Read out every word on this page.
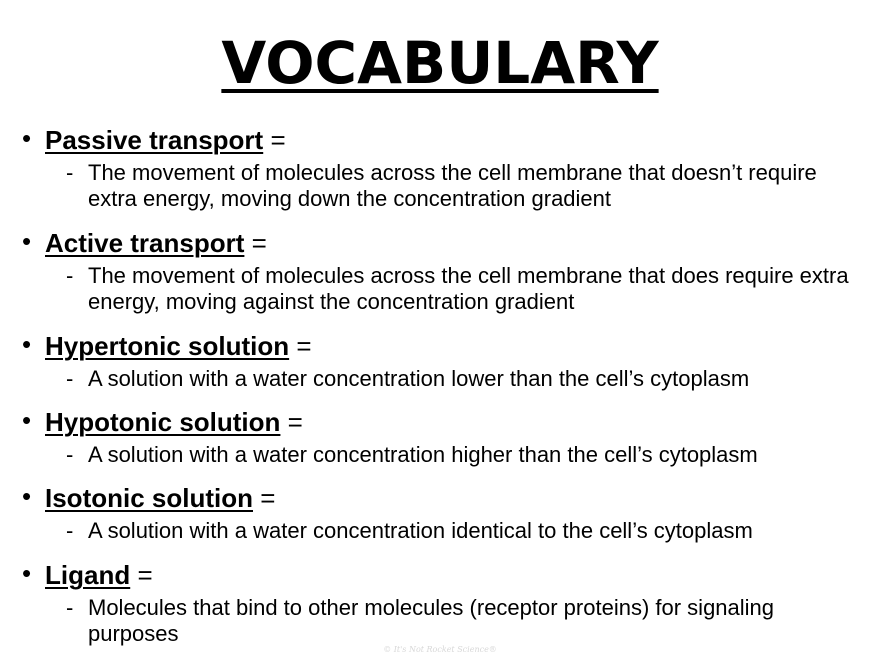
VOCABULARY
• Passive transport =
- The movement of molecules across the cell membrane that doesn’t require extra energy, moving down the concentration gradient
• Active transport =
- The movement of molecules across the cell membrane that does require extra energy, moving against the concentration gradient
• Hypertonic solution =
- A solution with a water concentration lower than the cell’s cytoplasm
• Hypotonic solution =
- A solution with a water concentration higher than the cell’s cytoplasm
• Isotonic solution =
- A solution with a water concentration identical to the cell’s cytoplasm
• Ligand =
- Molecules that bind to other molecules (receptor proteins) for signaling purposes
© It's Not Rocket Science®
